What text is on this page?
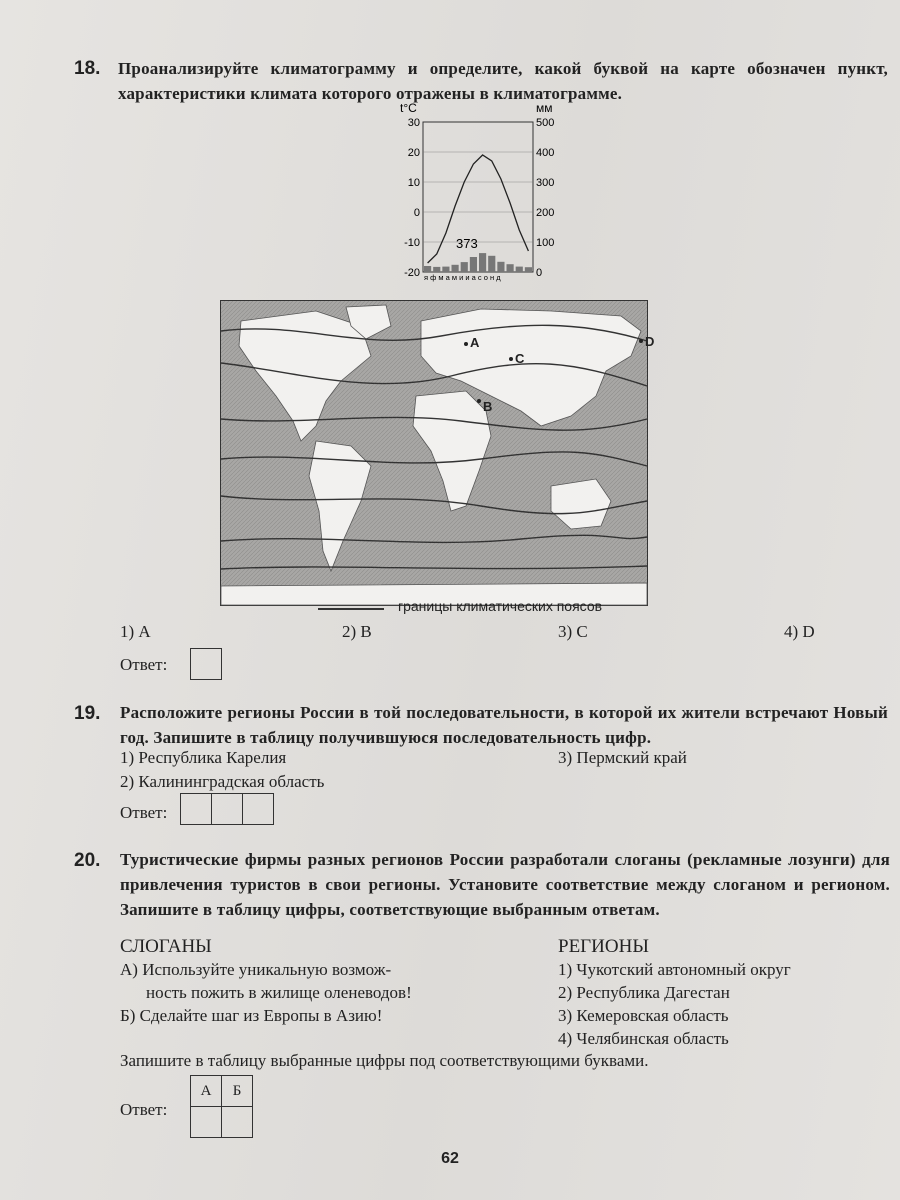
18. Проанализируйте климатограмму и определите, какой буквой на карте обозначен пункт, характеристики климата которого отражены в климатограмме.
t°C	мм
30
20
10
0
-10
-20
500
400
300
200
100
0
373
я ф м а м и и а с о н д
A
C
B
D
границы климатических поясов
1) А	2) В	3) С	4) D
Ответ:
19. Расположите регионы России в той последовательности, в которой их жители встречают Новый год. Запишите в таблицу получившуюся последовательность цифр.
1) Республика Карелия
2) Калининградская область
3) Пермский край
Ответ:

20. Туристические фирмы разных регионов России разработали слоганы (рекламные лозунги) для привлечения туристов в свои регионы. Установите соответствие между слоганом и регионом. Запишите в таблицу цифры, соответствующие выбранным ответам.
СЛОГАНЫ	РЕГИОНЫ
А) Используйте уникальную возмож-
ность пожить в жилище оленеводов!
Б) Сделайте шаг из Европы в Азию!
1) Чукотский автономный округ
2) Республика Дагестан
3) Кемеровская область
4) Челябинская область
Запишите в таблицу выбранные цифры под соответствующими буквами.
Ответ:
А	Б

62
